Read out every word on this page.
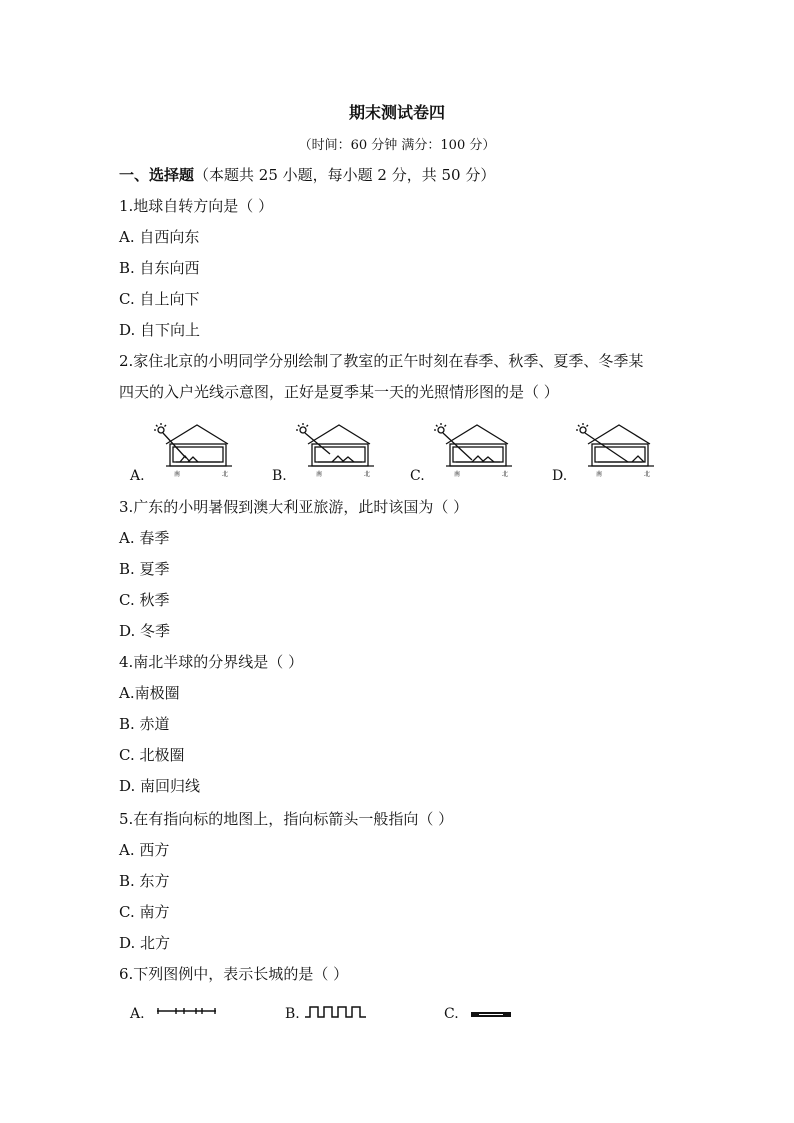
期末测试卷四
（时间：60 分钟 满分：100 分）
一、选择题（本题共 25 小题，每小题 2 分，共 50 分）
1.地球自转方向是（ ）
A. 自西向东
B. 自东向西
C. 自上向下
D. 自下向上
2.家住北京的小明同学分别绘制了教室的正午时刻在春季、秋季、夏季、冬季某
四天的入户光线示意图，正好是夏季某一天的光照情形图的是（ ）
A.	B.	C.	D.
南	北	南	北	南	北	南	北
3.广东的小明暑假到澳大利亚旅游，此时该国为（ ）
A. 春季
B. 夏季
C. 秋季
D. 冬季
4.南北半球的分界线是（ ）
A.南极圈
B. 赤道
C. 北极圈
D. 南回归线
5.在有指向标的地图上，指向标箭头一般指向（ ）
A. 西方
B. 东方
C. 南方
D. 北方
6.下列图例中，表示长城的是（ ）
A.	B.	C.
